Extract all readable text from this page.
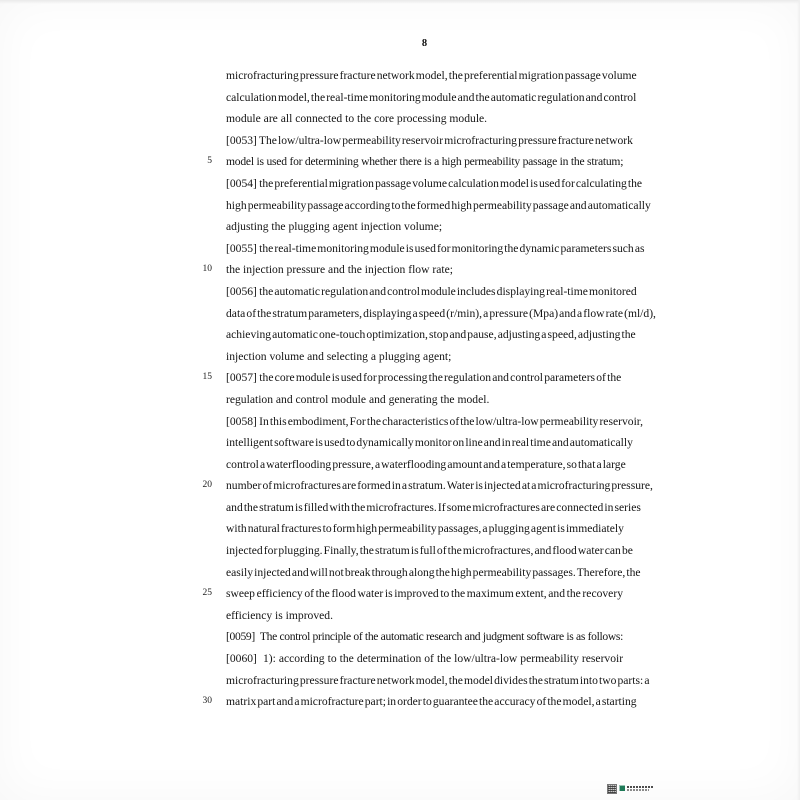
8
microfracturing pressure fracture network model, the preferential migration passage volume
calculation model, the real-time monitoring module and the automatic regulation and control
module are all connected to the core processing module.
[0053]  The low/ultra-low permeability reservoir microfracturing pressure fracture network
5 model is used for determining whether there is a high permeability passage in the stratum;
[0054]  the preferential migration passage volume calculation model is used for calculating the
high permeability passage according to the formed high permeability passage and automatically
adjusting the plugging agent injection volume;
[0055]  the real-time monitoring module is used for monitoring the dynamic parameters such as
10 the injection pressure and the injection flow rate;
[0056]  the automatic regulation and control module includes displaying real-time monitored
data of the stratum parameters, displaying a speed (r/min), a pressure (Mpa) and a flow rate (ml/d),
achieving automatic one-touch optimization, stop and pause, adjusting a speed, adjusting the
injection volume and selecting a plugging agent;
15 [0057]  the core module is used for processing the regulation and control parameters of the
regulation and control module and generating the model.
[0058]  In this embodiment, For the characteristics of the low/ultra-low permeability reservoir,
intelligent software is used to dynamically monitor on line and in real time and automatically
control a waterflooding pressure, a waterflooding amount and a temperature, so that a large
20 number of microfractures are formed in a stratum. Water is injected at a microfracturing pressure,
and the stratum is filled with the microfractures. If some microfractures are connected in series
with natural fractures to form high permeability passages, a plugging agent is immediately
injected for plugging. Finally, the stratum is full of the microfractures, and flood water can be
easily injected and will not break through along the high permeability passages. Therefore, the
25 sweep efficiency of the flood water is improved to the maximum extent, and the recovery
efficiency is improved.
[0059]  The control principle of the automatic research and judgment software is as follows:
[0060]  1): according to the determination of the low/ultra-low permeability reservoir
microfracturing pressure fracture network model, the model divides the stratum into two parts: a
30 matrix part and a microfracture part; in order to guarantee the accuracy of the model, a starting
